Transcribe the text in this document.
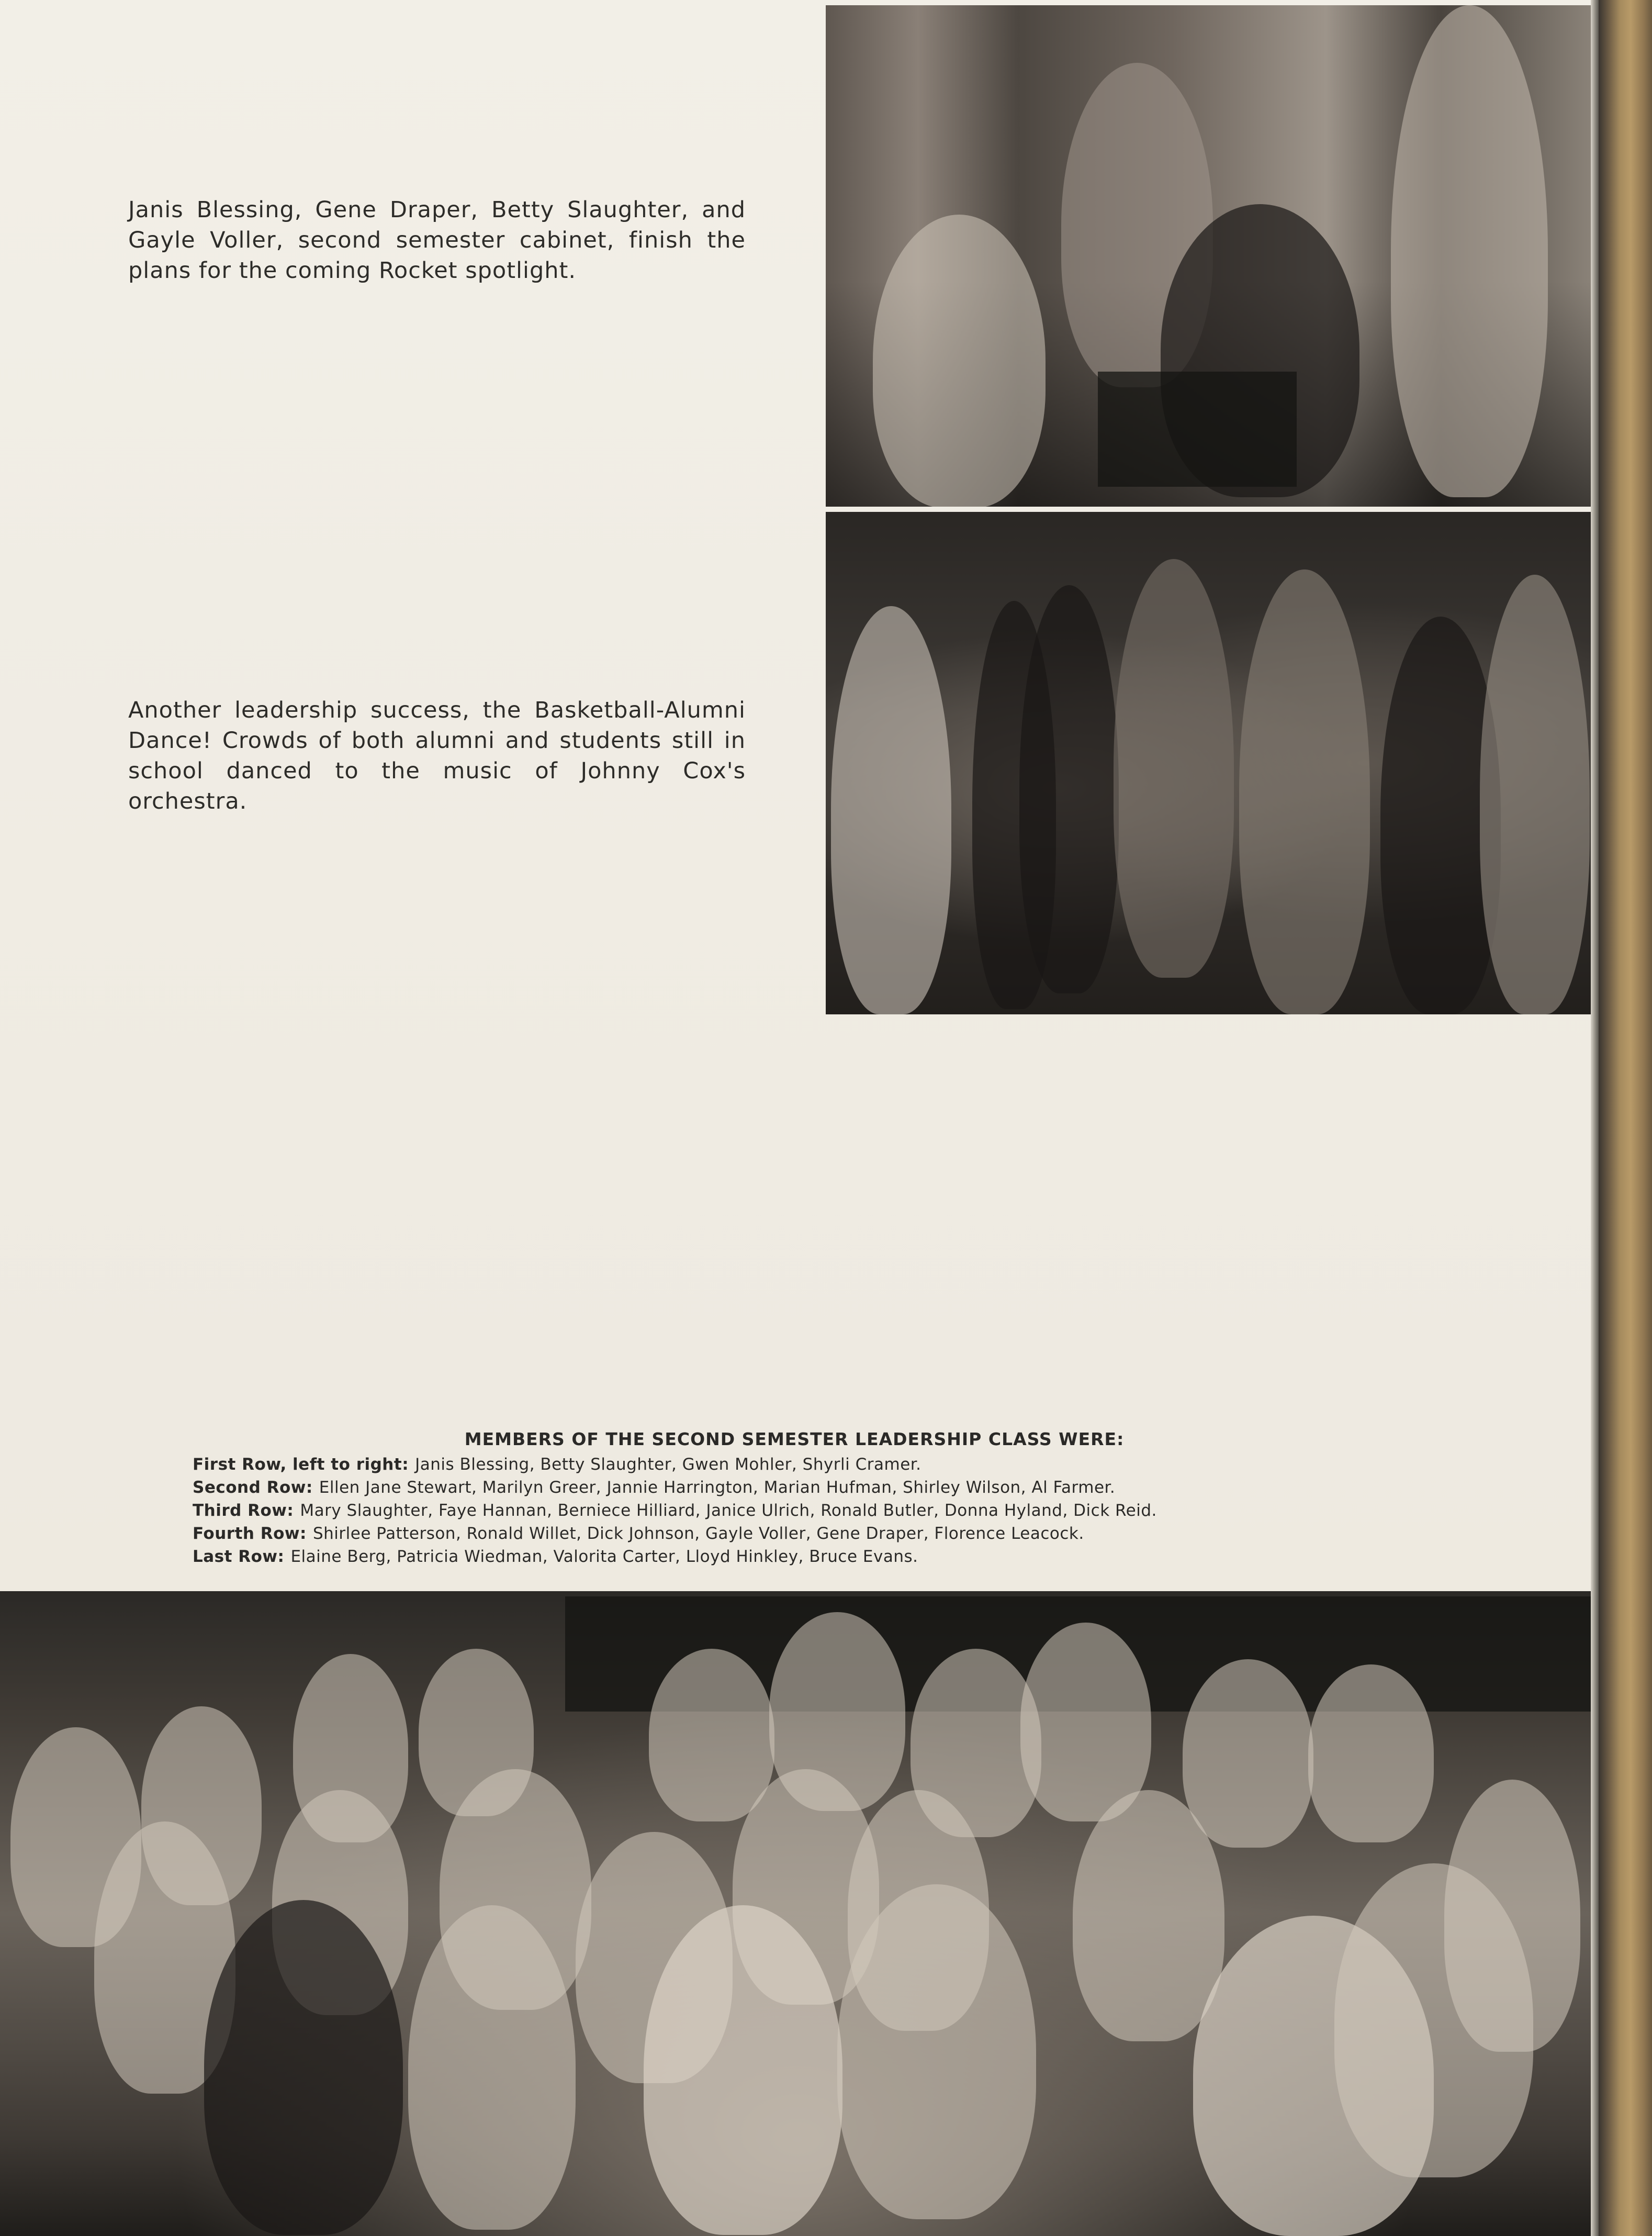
Janis Blessing, Gene Draper, Betty Slaughter, and Gayle Voller, second semester cabinet, finish the plans for the coming Rocket spotlight.
Another leadership success, the Basketball-Alumni Dance! Crowds of both alumni and students still in school danced to the music of Johnny Cox's orchestra.
MEMBERS OF THE SECOND SEMESTER LEADERSHIP CLASS WERE:
First Row, left to right: Janis Blessing, Betty Slaughter, Gwen Mohler, Shyrli Cramer.
Second Row: Ellen Jane Stewart, Marilyn Greer, Jannie Harrington, Marian Hufman, Shirley Wilson, Al Farmer.
Third Row: Mary Slaughter, Faye Hannan, Berniece Hilliard, Janice Ulrich, Ronald Butler, Donna Hyland, Dick Reid.
Fourth Row: Shirlee Patterson, Ronald Willet, Dick Johnson, Gayle Voller, Gene Draper, Florence Leacock.
Last Row: Elaine Berg, Patricia Wiedman, Valorita Carter, Lloyd Hinkley, Bruce Evans.
